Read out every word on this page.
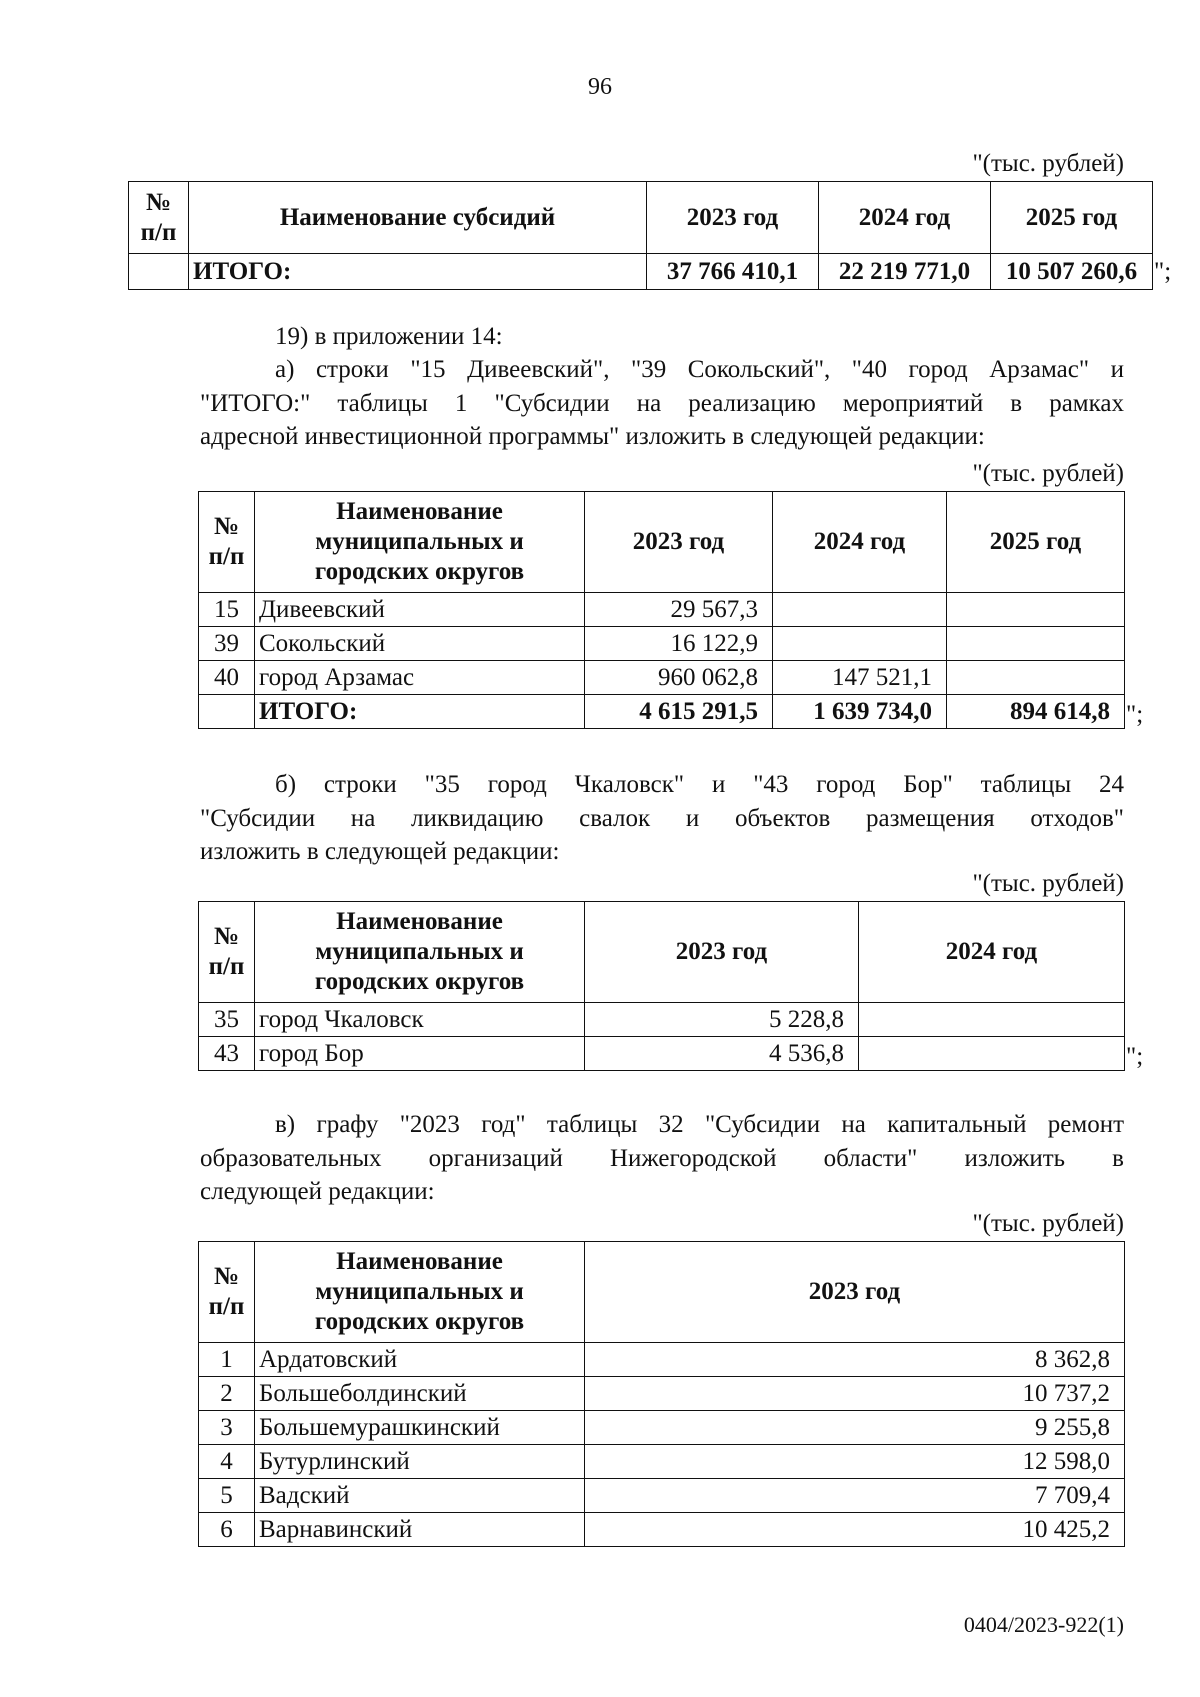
96
"(тыс. рублей)
№ п/п	Наименование субсидий	2023 год	2024 год	2025 год
	ИТОГО:	37 766 410,1	22 219 771,0	10 507 260,6 ";
19) в приложении 14:
а) строки "15 Дивеевский", "39 Сокольский", "40 город Арзамас" и
"ИТОГО:" таблицы 1 "Субсидии на реализацию мероприятий в рамках
адресной инвестиционной программы" изложить в следующей редакции:
"(тыс. рублей)
№ п/п	Наименование муниципальных и городских округов	2023 год	2024 год	2025 год
15	Дивеевский	29 567,3		
39	Сокольский	16 122,9		
40	город Арзамас	960 062,8	147 521,1	
	ИТОГО:	4 615 291,5	1 639 734,0	894 614,8 ";
б) строки "35 город Чкаловск" и "43 город Бор" таблицы 24
"Субсидии на ликвидацию свалок и объектов размещения отходов"
изложить в следующей редакции:
"(тыс. рублей)
№ п/п	Наименование муниципальных и городских округов	2023 год	2024 год
35	город Чкаловск	5 228,8	
43	город Бор	4 536,8		";
в) графу "2023 год" таблицы 32 "Субсидии на капитальный ремонт
образовательных организаций Нижегородской области" изложить в
следующей редакции:
"(тыс. рублей)
№ п/п	Наименование муниципальных и городских округов	2023 год
1	Ардатовский	8 362,8
2	Большеболдинский	10 737,2
3	Большемурашкинский	9 255,8
4	Бутурлинский	12 598,0
5	Вадский	7 709,4
6	Варнавинский	10 425,2
0404/2023-922(1)
